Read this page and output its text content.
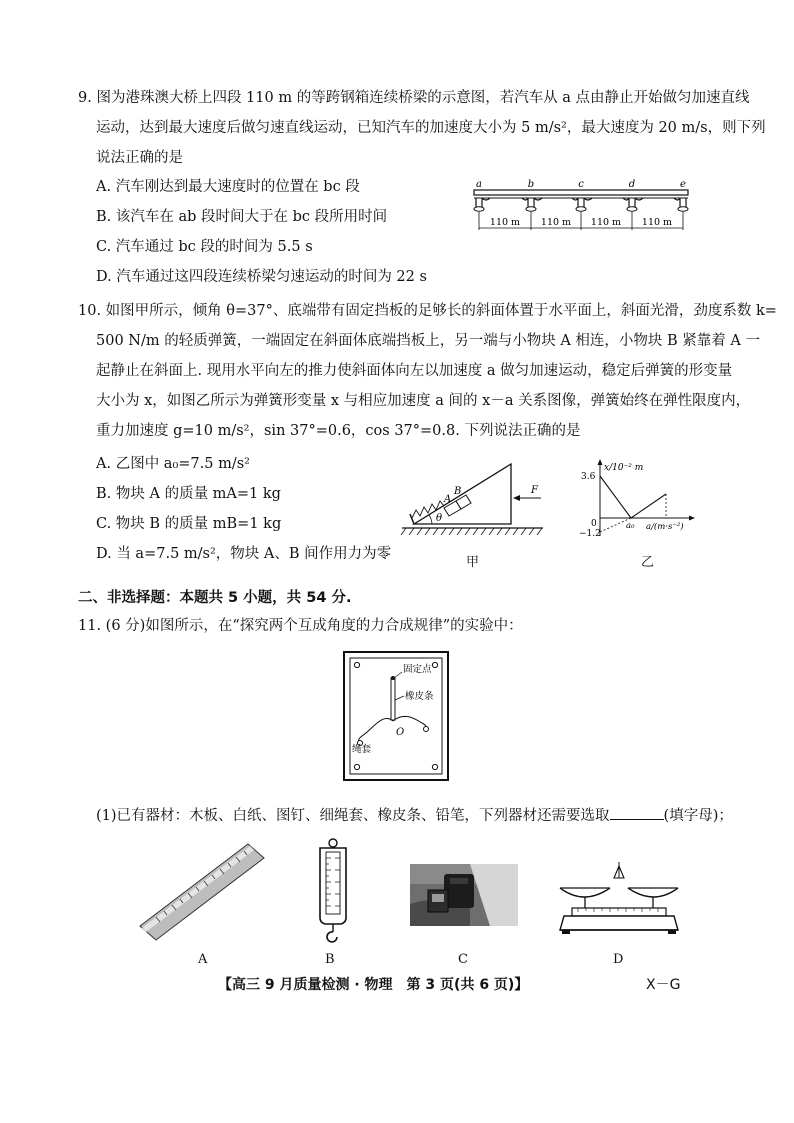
9. 图为港珠澳大桥上四段 110 m 的等跨钢箱连续桥梁的示意图，若汽车从 a 点由静止开始做匀加速直线
运动，达到最大速度后做匀速直线运动，已知汽车的加速度大小为 5 m/s²，最大速度为 20 m/s，则下列
说法正确的是
A. 汽车刚达到最大速度时的位置在 bc 段
B. 该汽车在 ab 段时间大于在 bc 段所用时间
C. 汽车通过 bc 段的时间为 5.5 s
D. 汽车通过这四段连续桥梁匀速运动的时间为 22 s
a	b	c	d	e
110 m 110 m 110 m 110 m
10. 如图甲所示，倾角 θ=37°、底端带有固定挡板的足够长的斜面体置于水平面上，斜面光滑，劲度系数 k=
500 N/m 的轻质弹簧，一端固定在斜面体底端挡板上，另一端与小物块 A 相连，小物块 B 紧靠着 A 一
起静止在斜面上. 现用水平向左的推力使斜面体向左以加速度 a 做匀加速运动，稳定后弹簧的形变量
大小为 x，如图乙所示为弹簧形变量 x 与相应加速度 a 间的 x－a 关系图像，弹簧始终在弹性限度内，
重力加速度 g=10 m/s²，sin 37°=0.6，cos 37°=0.8. 下列说法正确的是
A. 乙图中 a₀=7.5 m/s²
B. 物块 A 的质量 mA=1 kg
C. 物块 B 的质量 mB=1 kg
D. 当 a=7.5 m/s²，物块 A、B 间作用力为零
A
B
θ
F
甲
x/10⁻² m
3.6
−1.2
0	a₀ a/(m·s⁻²)
乙
二、非选择题：本题共 5 小题，共 54 分.
11. (6 分)如图所示，在“探究两个互成角度的力合成规律”的实验中：
固定点
橡皮条
O
绳套
(1)已有器材：木板、白纸、图钉、细绳套、橡皮条、铅笔，下列器材还需要选取	(填字母)；
A	B	C	D
【高三 9 月质量检测 · 物理　第 3 页(共 6 页)】	X－G
